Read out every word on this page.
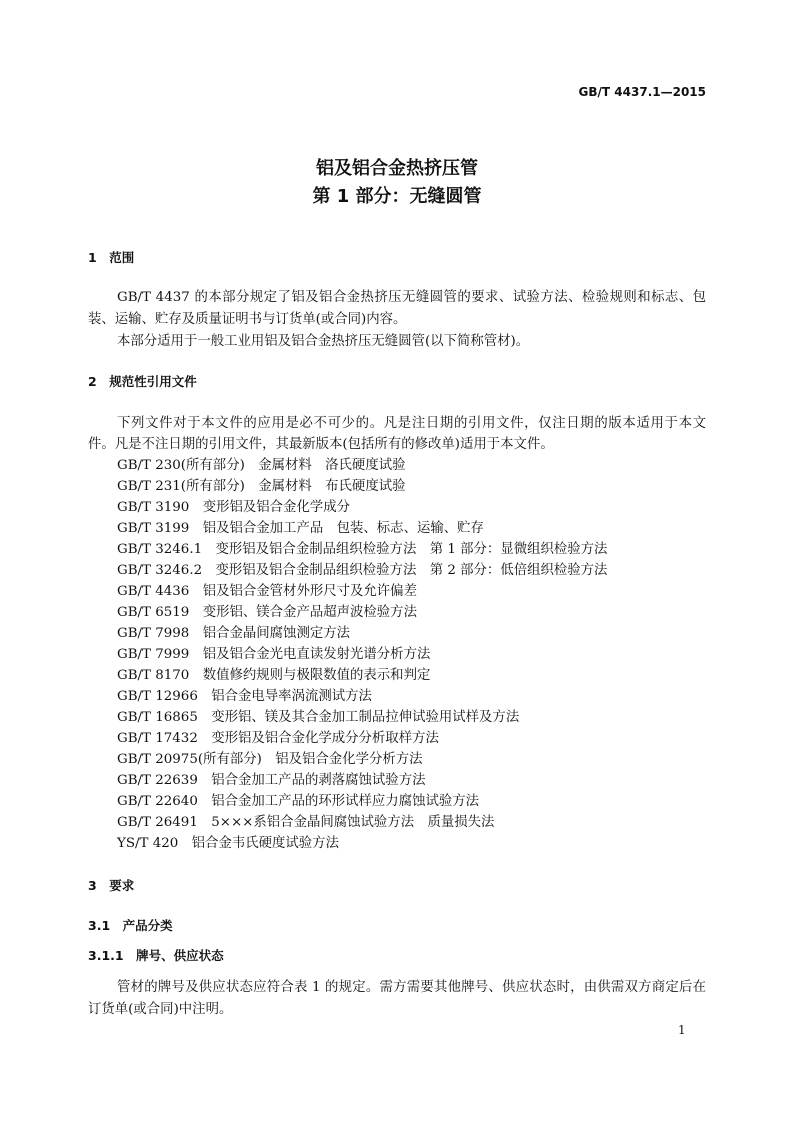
GB/T 4437.1—2015
铝及铝合金热挤压管
第 1 部分：无缝圆管
1　范围
GB/T 4437 的本部分规定了铝及铝合金热挤压无缝圆管的要求、试验方法、检验规则和标志、包
装、运输、贮存及质量证明书与订货单(或合同)内容。
本部分适用于一般工业用铝及铝合金热挤压无缝圆管(以下简称管材)。
2　规范性引用文件
下列文件对于本文件的应用是必不可少的。凡是注日期的引用文件，仅注日期的版本适用于本文
件。凡是不注日期的引用文件，其最新版本(包括所有的修改单)适用于本文件。
GB/T 230(所有部分)　金属材料　洛氏硬度试验
GB/T 231(所有部分)　金属材料　布氏硬度试验
GB/T 3190　变形铝及铝合金化学成分
GB/T 3199　铝及铝合金加工产品　包装、标志、运输、贮存
GB/T 3246.1　变形铝及铝合金制品组织检验方法　第 1 部分：显微组织检验方法
GB/T 3246.2　变形铝及铝合金制品组织检验方法　第 2 部分：低倍组织检验方法
GB/T 4436　铝及铝合金管材外形尺寸及允许偏差
GB/T 6519　变形铝、镁合金产品超声波检验方法
GB/T 7998　铝合金晶间腐蚀测定方法
GB/T 7999　铝及铝合金光电直读发射光谱分析方法
GB/T 8170　数值修约规则与极限数值的表示和判定
GB/T 12966　铝合金电导率涡流测试方法
GB/T 16865　变形铝、镁及其合金加工制品拉伸试验用试样及方法
GB/T 17432　变形铝及铝合金化学成分分析取样方法
GB/T 20975(所有部分)　铝及铝合金化学分析方法
GB/T 22639　铝合金加工产品的剥落腐蚀试验方法
GB/T 22640　铝合金加工产品的环形试样应力腐蚀试验方法
GB/T 26491　5×××系铝合金晶间腐蚀试验方法　质量损失法
YS/T 420　铝合金韦氏硬度试验方法
3　要求
3.1　产品分类
3.1.1　牌号、供应状态
管材的牌号及供应状态应符合表 1 的规定。需方需要其他牌号、供应状态时，由供需双方商定后在
订货单(或合同)中注明。
1
